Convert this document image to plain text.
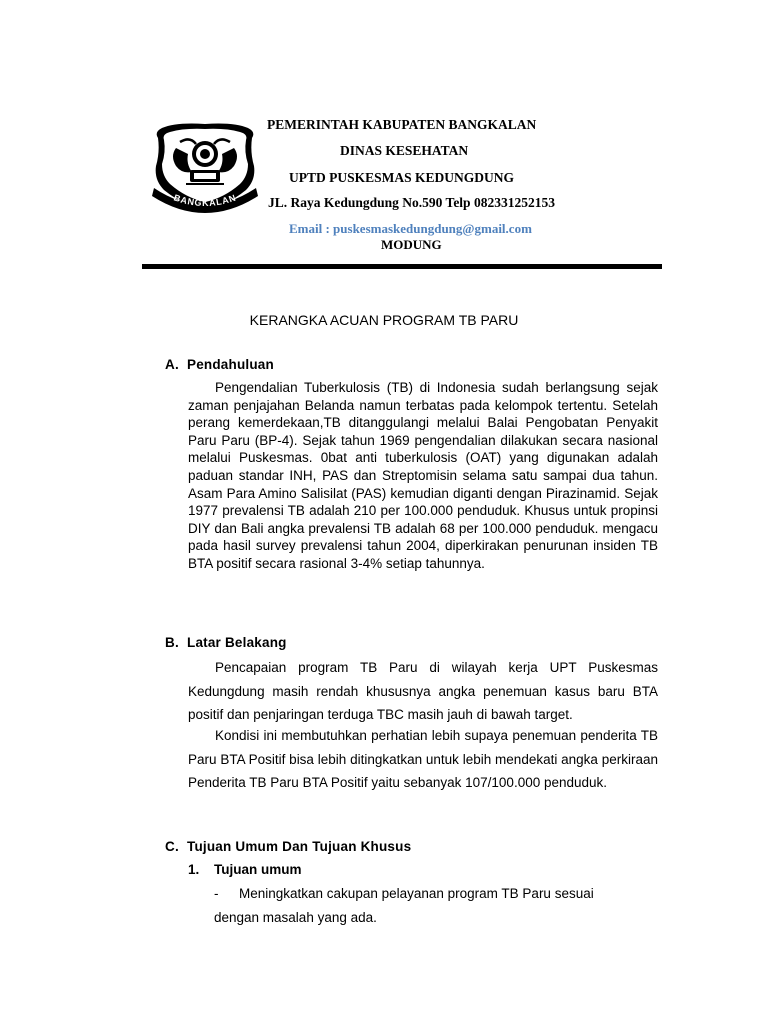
BANGKALAN
PEMERINTAH KABUPATEN BANGKALAN
DINAS KESEHATAN
UPTD PUSKESMAS KEDUNGDUNG
JL. Raya Kedungdung No.590 Telp 082331252153
Email : puskesmaskedungdung@gmail.com
MODUNG
KERANGKA ACUAN PROGRAM TB PARU
A. Pendahuluan

Pengendalian Tuberkulosis (TB) di Indonesia sudah berlangsung sejak zaman penjajahan Belanda namun terbatas pada kelompok tertentu. Setelah perang kemerdekaan,TB ditanggulangi melalui Balai Pengobatan Penyakit Paru Paru (BP-4). Sejak tahun 1969 pengendalian dilakukan secara nasional melalui Puskesmas. 0bat anti tuberkulosis (OAT) yang digunakan adalah paduan standar INH, PAS dan Streptomisin selama satu sampai dua tahun. Asam Para Amino Salisilat (PAS) kemudian diganti dengan Pirazinamid. Sejak 1977 prevalensi TB adalah 210 per 100.000 penduduk. Khusus untuk propinsi DIY dan Bali angka prevalensi TB adalah 68 per 100.000 penduduk. mengacu pada hasil survey prevalensi tahun 2004, diperkirakan penurunan insiden TB BTA positif secara rasional 3-4% setiap tahunnya.

B. Latar Belakang

Pencapaian program TB Paru di wilayah kerja UPT Puskesmas Kedungdung masih rendah khususnya angka penemuan kasus baru BTA positif dan penjaringan terduga TBC masih jauh di bawah target.

Kondisi ini membutuhkan perhatian lebih supaya penemuan penderita TB Paru BTA Positif bisa lebih ditingkatkan untuk lebih mendekati angka perkiraan Penderita TB Paru BTA Positif yaitu sebanyak 107/100.000 penduduk.

C. Tujuan Umum Dan Tujuan Khusus
1. Tujuan umum
-	Meningkatkan cakupan pelayanan program TB Paru sesuai

dengan masalah yang ada.
